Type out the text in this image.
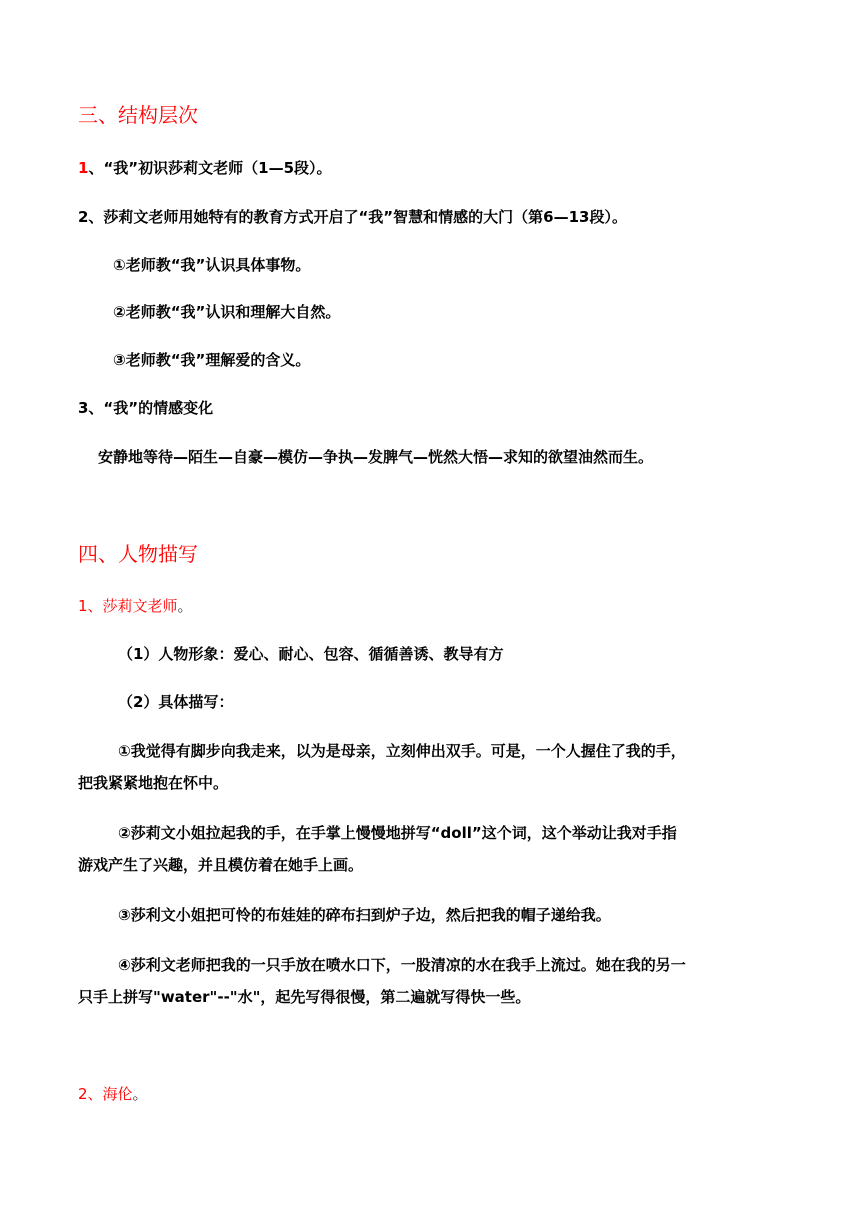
三、结构层次

1、“我”初识莎莉文老师（1—5段）。

2、莎莉文老师用她特有的教育方式开启了“我”智慧和情感的大门（第6—13段）。

①老师教“我”认识具体事物。

②老师教“我”认识和理解大自然。

③老师教“我”理解爱的含义。

3、“我”的情感变化

安静地等待—陌生—自豪—模仿—争执—发脾气—恍然大悟—求知的欲望油然而生。

四、人物描写

1、莎莉文老师。

（1）人物形象：爱心、耐心、包容、循循善诱、教导有方

（2）具体描写：

①我觉得有脚步向我走来，以为是母亲，立刻伸出双手。可是，一个人握住了我的手，

把我紧紧地抱在怀中。

②莎莉文小姐拉起我的手，在手掌上慢慢地拼写“doll”这个词，这个举动让我对手指

游戏产生了兴趣，并且模仿着在她手上画。

③莎利文小姐把可怜的布娃娃的碎布扫到炉子边，然后把我的帽子递给我。

④莎利文老师把我的一只手放在喷水口下，一股清凉的水在我手上流过。她在我的另一

只手上拼写"water"--"水"，起先写得很慢，第二遍就写得快一些。

2、海伦。
